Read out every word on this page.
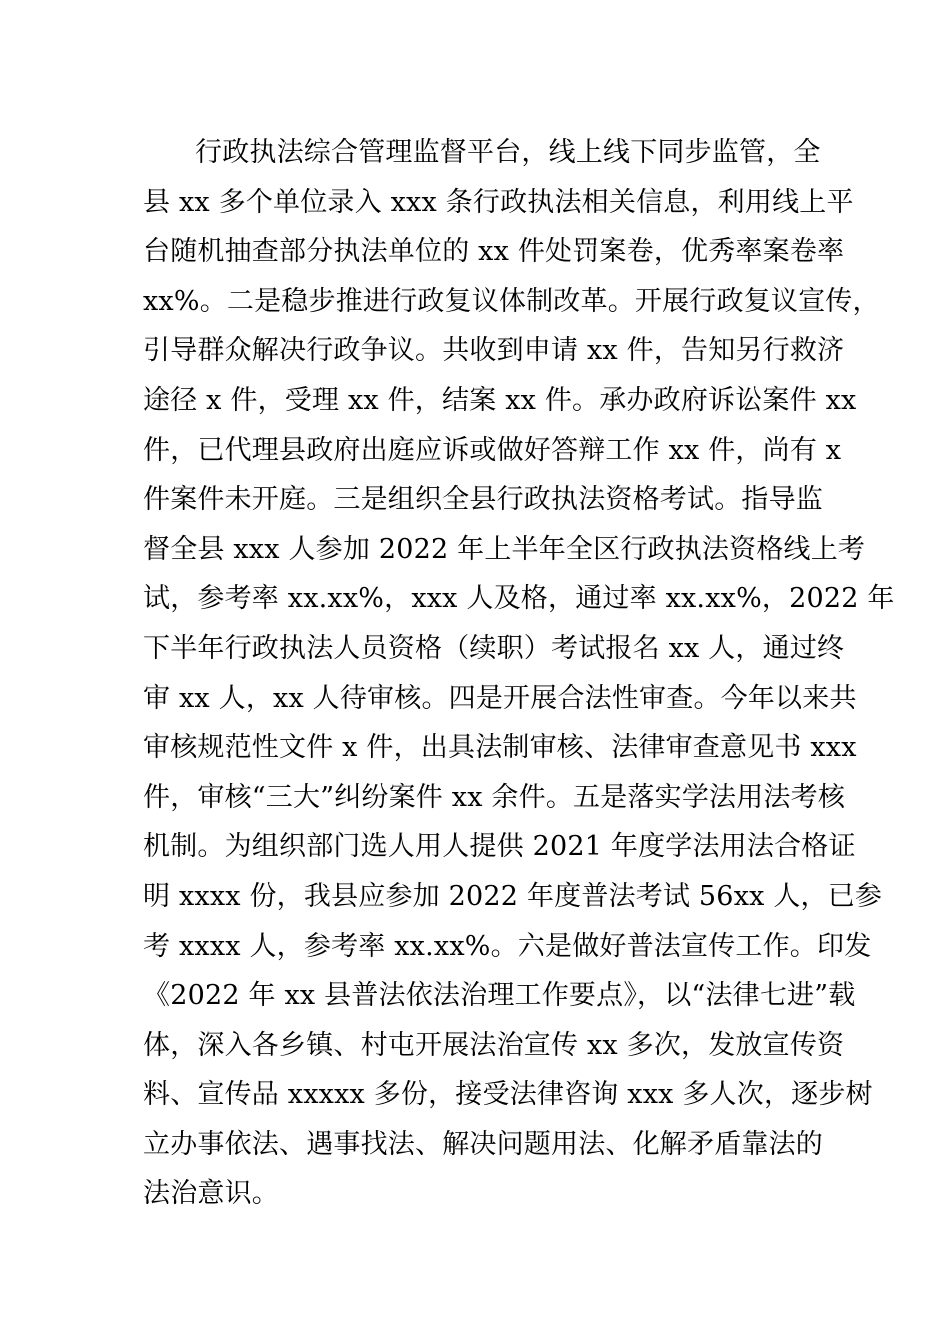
行政执法综合管理监督平台，线上线下同步监管，全
县 xx 多个单位录入 xxx 条行政执法相关信息，利用线上平
台随机抽查部分执法单位的 xx 件处罚案卷，优秀率案卷率
xx%。二是稳步推进行政复议体制改革。开展行政复议宣传，
引导群众解决行政争议。共收到申请 xx 件，告知另行救济
途径 x 件，受理 xx 件，结案 xx 件。承办政府诉讼案件 xx
件，已代理县政府出庭应诉或做好答辩工作 xx 件，尚有 x
件案件未开庭。三是组织全县行政执法资格考试。指导监
督全县 xxx 人参加 2022 年上半年全区行政执法资格线上考
试，参考率 xx.xx%，xxx 人及格，通过率 xx.xx%，2022 年
下半年行政执法人员资格（续职）考试报名 xx 人，通过终
审 xx 人，xx 人待审核。四是开展合法性审查。今年以来共
审核规范性文件 x 件，出具法制审核、法律审查意见书 xxx
件，审核“三大”纠纷案件 xx 余件。五是落实学法用法考核
机制。为组织部门选人用人提供 2021 年度学法用法合格证
明 xxxx 份，我县应参加 2022 年度普法考试 56xx 人，已参
考 xxxx 人，参考率 xx.xx%。六是做好普法宣传工作。印发
《2022 年 xx 县普法依法治理工作要点》，以“法律七进”载
体，深入各乡镇、村屯开展法治宣传 xx 多次，发放宣传资
料、宣传品 xxxxx 多份，接受法律咨询 xxx 多人次，逐步树
立办事依法、遇事找法、解决问题用法、化解矛盾靠法的
法治意识。
